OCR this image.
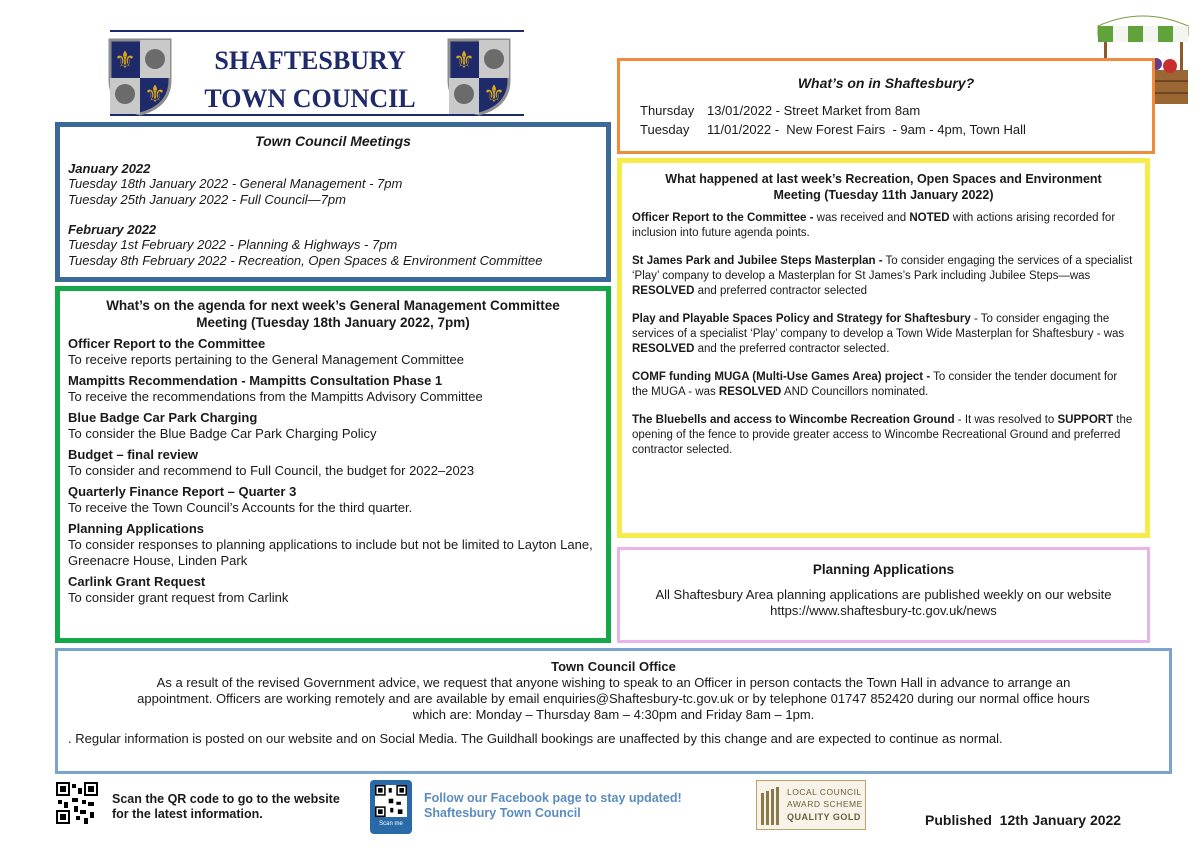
⚜
⚜
SHAFTESBURY
TOWN COUNCIL
⚜
⚜
Town Council Meetings
January 2022
Tuesday 18th January 2022 - General Management - 7pm
Tuesday 25th January 2022 - Full Council—7pm
February 2022
Tuesday 1st February 2022 - Planning & Highways - 7pm
Tuesday 8th February 2022 - Recreation, Open Spaces & Environment Committee
What’s on the agenda for next week’s General Management Committee
Meeting (Tuesday 18th January 2022, 7pm)
Officer Report to the Committee
To receive reports pertaining to the General Management Committee
Mampitts Recommendation - Mampitts Consultation Phase 1
To receive the recommendations from the Mampitts Advisory Committee
Blue Badge Car Park Charging
To consider the Blue Badge Car Park Charging Policy
Budget – final review
To consider and recommend to Full Council, the budget for 2022–2023
Quarterly Finance Report – Quarter 3
To receive the Town Council’s Accounts for the third quarter.
Planning Applications
To consider responses to planning applications to include but not be limited to Layton Lane, Greenacre House, Linden Park
Carlink Grant Request
To consider grant request from Carlink
What’s on in Shaftesbury?
Thursday	13/01/2022 - Street Market from 8am
Tuesday	11/01/2022 -  New Forest Fairs  - 9am - 4pm, Town Hall
What happened at last week’s Recreation, Open Spaces and Environment
Meeting (Tuesday 11th January 2022)
Officer Report to the Committee - was received and NOTED with actions arising recorded for inclusion into future agenda points.
St James Park and Jubilee Steps Masterplan - To consider engaging the services of a specialist ‘Play’ company to develop a Masterplan for St James’s Park including Jubilee Steps—was RESOLVED and preferred contractor selected
Play and Playable Spaces Policy and Strategy for Shaftesbury - To consider engaging the services of a specialist ‘Play’ company to develop a Town Wide Masterplan for Shaftesbury - was RESOLVED and the preferred contractor selected.
COMF funding MUGA (Multi-Use Games Area) project - To consider the tender document for the MUGA - was RESOLVED AND Councillors nominated.
The Bluebells and access to Wincombe Recreation Ground - It was resolved to SUPPORT the opening of the fence to provide greater access to Wincombe Recreational Ground and preferred contractor selected.
Planning Applications
All Shaftesbury Area planning applications are published weekly on our website
https://www.shaftesbury-tc.gov.uk/news
Town Council Office
As a result of the revised Government advice, we request that anyone wishing to speak to an Officer in person contacts the Town Hall in advance to arrange an
appointment. Officers are working remotely and are available by email enquiries@Shaftesbury-tc.gov.uk or by telephone 01747 852420 during our normal office hours
which are: Monday – Thursday 8am – 4:30pm and Friday 8am – 1pm.
. Regular information is posted on our website and on Social Media. The Guildhall bookings are unaffected by this change and are expected to continue as normal.
Scan the QR code to go to the website
for the latest information.
Scan me
Follow our Facebook page to stay updated!
Shaftesbury Town Council
LOCAL COUNCIL
AWARD SCHEME
QUALITY GOLD	Published  12th January 2022
